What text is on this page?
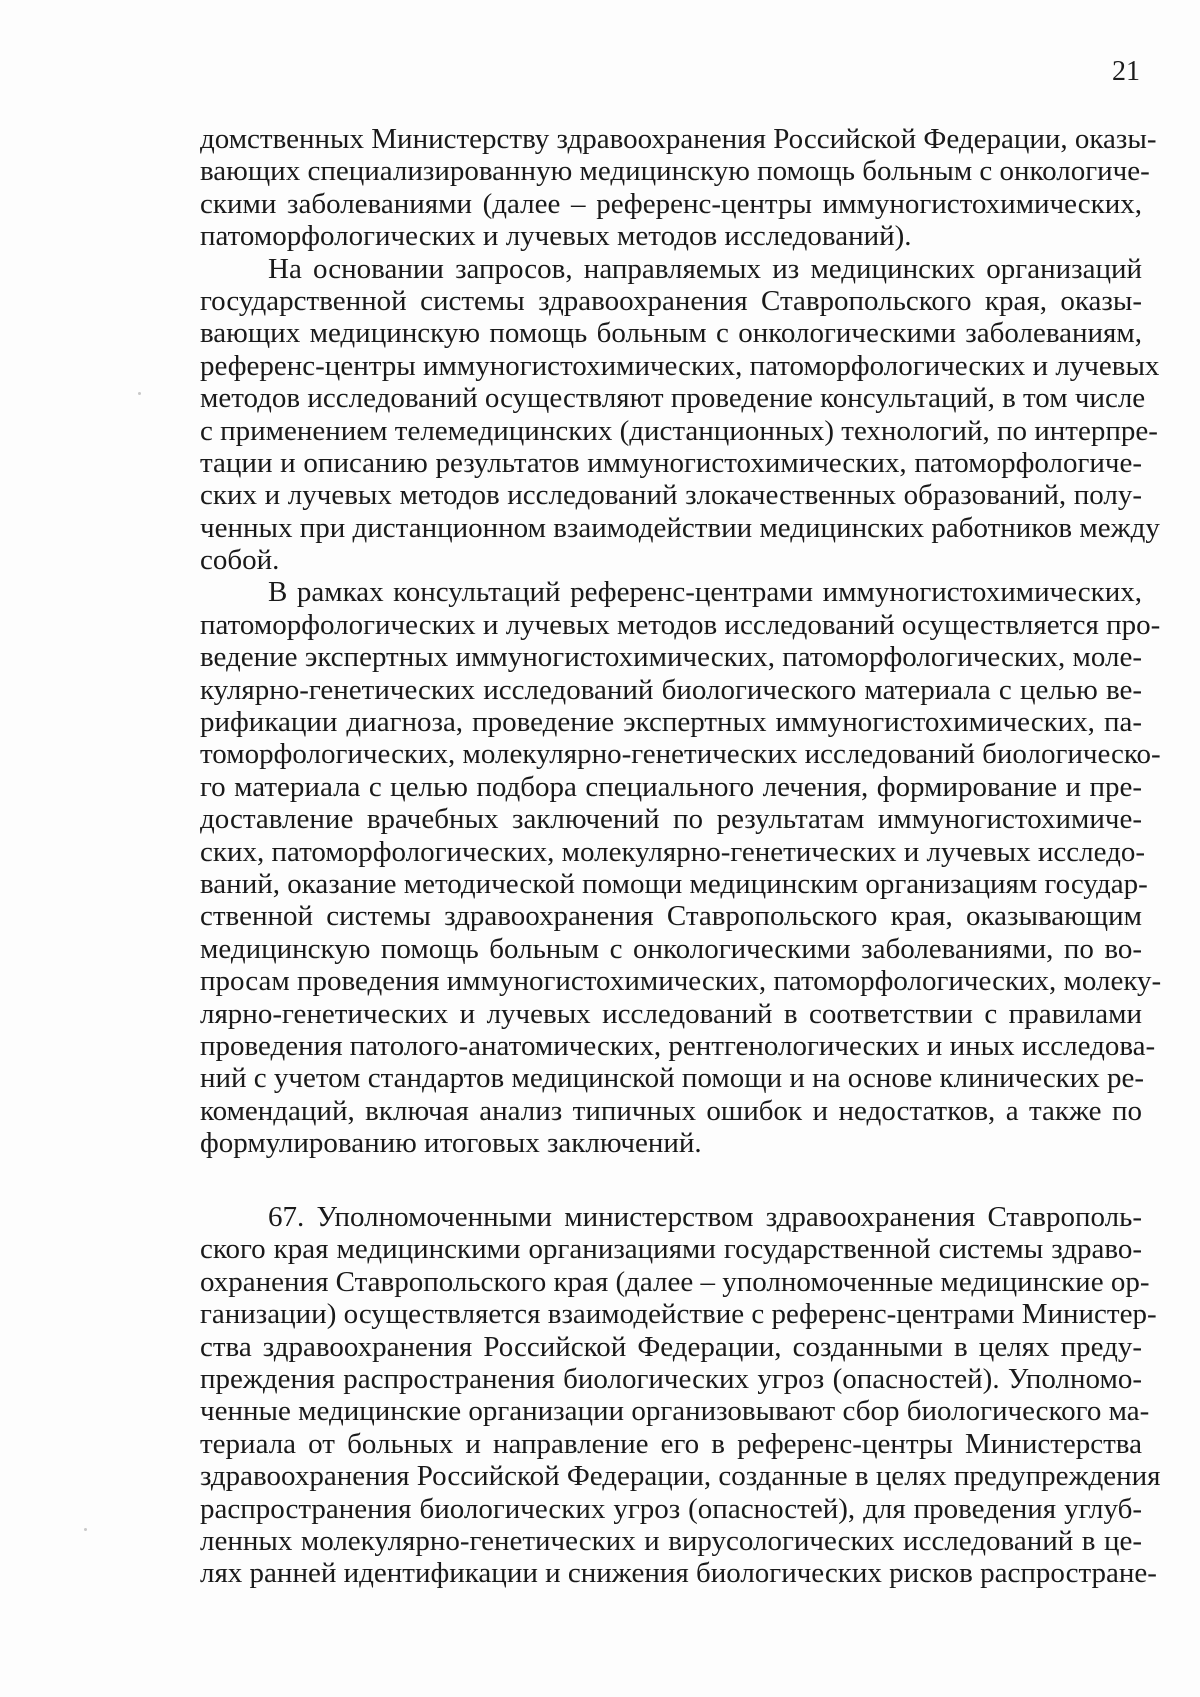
21
домственных Министерству здравоохранения Российской Федерации, оказы-
вающих специализированную медицинскую помощь больным с онкологиче-
скими заболеваниями (далее – референс-центры иммуногистохимических,
патоморфологических и лучевых методов исследований).
На основании запросов, направляемых из медицинских организаций
государственной системы здравоохранения Ставропольского края, оказы-
вающих медицинскую помощь больным с онкологическими заболеваниям,
референс-центры иммуногистохимических, патоморфологических и лучевых
методов исследований осуществляют проведение консультаций, в том числе
с применением телемедицинских (дистанционных) технологий, по интерпре-
тации и описанию результатов иммуногистохимических, патоморфологиче-
ских и лучевых методов исследований злокачественных образований, полу-
ченных при дистанционном взаимодействии медицинских работников между
собой.
В рамках консультаций референс-центрами иммуногистохимических,
патоморфологических и лучевых методов исследований осуществляется про-
ведение экспертных иммуногистохимических, патоморфологических, моле-
кулярно-генетических исследований биологического материала с целью ве-
рификации диагноза, проведение экспертных иммуногистохимических, па-
томорфологических, молекулярно-генетических исследований биологическо-
го материала с целью подбора специального лечения, формирование и пре-
доставление врачебных заключений по результатам иммуногистохимиче-
ских, патоморфологических, молекулярно-генетических и лучевых исследо-
ваний, оказание методической помощи медицинским организациям государ-
ственной системы здравоохранения Ставропольского края, оказывающим
медицинскую помощь больным с онкологическими заболеваниями, по во-
просам проведения иммуногистохимических, патоморфологических, молеку-
лярно-генетических и лучевых исследований в соответствии с правилами
проведения патолого-анатомических, рентгенологических и иных исследова-
ний с учетом стандартов медицинской помощи и на основе клинических ре-
комендаций, включая анализ типичных ошибок и недостатков, а также по
формулированию итоговых заключений.
67. Уполномоченными министерством здравоохранения Ставрополь-
ского края медицинскими организациями государственной системы здраво-
охранения Ставропольского края (далее – уполномоченные медицинские ор-
ганизации) осуществляется взаимодействие с референс-центрами Министер-
ства здравоохранения Российской Федерации, созданными в целях преду-
преждения распространения биологических угроз (опасностей). Уполномо-
ченные медицинские организации организовывают сбор биологического ма-
териала от больных и направление его в референс-центры Министерства
здравоохранения Российской Федерации, созданные в целях предупреждения
распространения биологических угроз (опасностей), для проведения углуб-
ленных молекулярно-генетических и вирусологических исследований в це-
лях ранней идентификации и снижения биологических рисков распростране-
